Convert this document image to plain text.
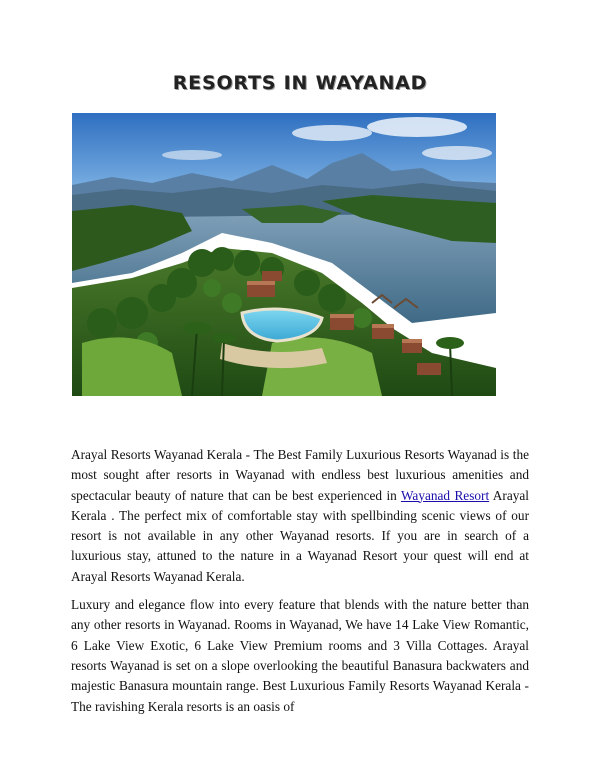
RESORTS IN WAYANAD

Arayal Resorts Wayanad Kerala - The Best Family Luxurious Resorts Wayanad is the most sought after resorts in Wayanad with endless best luxurious amenities and spectacular beauty of nature that can be best experienced in Wayanad Resort Arayal Kerala . The perfect mix of comfortable stay with spellbinding scenic views of our resort is not available in any other Wayanad resorts. If you are in search of a luxurious stay, attuned to the nature in a Wayanad Resort your quest will end at Arayal Resorts Wayanad Kerala.

Luxury and elegance flow into every feature that blends with the nature better than any other resorts in Wayanad. Rooms in Wayanad, We have 14 Lake View Romantic, 6 Lake View Exotic, 6 Lake View Premium rooms and 3 Villa Cottages. Arayal resorts Wayanad is set on a slope overlooking the beautiful Banasura backwaters and majestic Banasura mountain range. Best Luxurious Family Resorts Wayanad Kerala -The ravishing Kerala resorts is an oasis of
